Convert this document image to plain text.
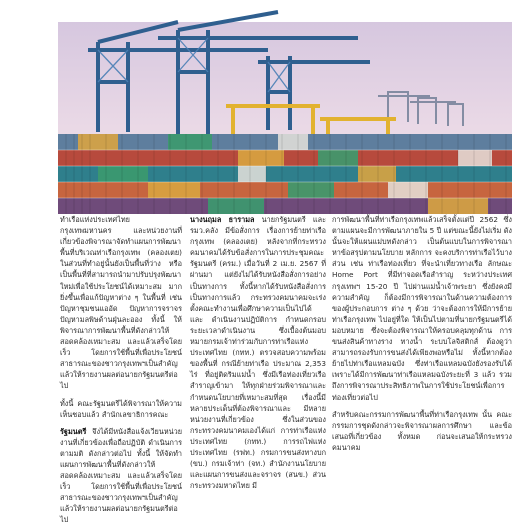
ทำเรือแห่งประเทศไทย กรุงเทพมหานคร และหน่วยงานที่เกี่ยวข้องพิจารณาจัดทำแผนการพัฒนาพื้นที่บริเวณท่าเรือกรุงเทพ (คลองเตย) ในส่วนที่ทำอยู่นั้นยังเป็นพื้นที่ว่าง หรือเป็นพื้นที่ที่สามารถนำมาปรับปรุงพัฒนาใหม่เพื่อใช้ประโยชน์ได้เหมาะสม มากยิ่งขึ้นเพื่อแก้ปัญหาต่าง ๆ ในพื้นที่ เช่น ปัญหาชุมชนแออัด ปัญหาการจราจร ปัญหามลพิษด้านฝุ่นละออง ทั้งนี้ ให้พิจารณาการพัฒนาพื้นที่ดังกล่าวให้สอดคล้องเหมาะสม และแล้วเสร็จโดยเร็ว โดยการใช้พื้นที่เพื่อประโยชน์สาธารณะของชาวกรุงเทพฯเป็นสำคัญ แล้วให้รายงานผลต่อนายกรัฐมนตรีต่อไป

ทั้งนี้ คณะรัฐมนตรีได้พิจารณาให้ความเห็นชอบแล้ว สำนักเลขาธิการคณะ

รัฐมนตรี จึงได้มีหนังสือแจ้งเวียนหน่วยงานที่เกี่ยวข้องเพื่อถือปฏิบัติ ดำเนินการตามมติ ดังกล่าวต่อไป ทั้งนี้ ให้จัดทำแผนการพัฒนาพื้นที่ดังกล่าวให้สอดคล้องเหมาะสม และแล้วเสร็จโดยเร็ว โดยการใช้พื้นที่เพื่อประโยชน์สาธารณะของชาวกรุงเทพฯเป็นสำคัญ แล้วให้รายงานผลต่อนายกรัฐมนตรีต่อไป

นางนฤมล ธารามล นายกรัฐมนตรี และ รมว.คลัง มีข้อสั่งการ เรื่องการย้ายท่าเรือกรุงเทพ (คลองเตย) หลังจากที่กระทรวงคมนาคมได้รับข้อสั่งการในการประชุมคณะรัฐมนตรี (ครม.) เมื่อวันที่ 2 เม.ย. 2567 ที่ผ่านมา แต่ยังไม่ได้รับหนังสือสั่งการอย่างเป็นทางการ ทั้งนี้หากได้รับหนังสือสั่งการเป็นทางการแล้ว กระทรวงคมนาคมจะเร่งตั้งคณะทำงานเพื่อศึกษาความเป็นไปได้ และ ดำเนินงานปฏิบัติการ กำหนดกรอบระยะเวลาดำเนินงาน ซึ่งเบื้องต้นมอบหมายกรมเจ้าท่าร่วมกับการท่าเรือแห่งประเทศไทย (กทท.) ตรวจสอบความพร้อมของพื้นที่ กรณีย้ายท่าเรือ ประมาณ 2,353 ไร่ ที่อยู่ติดริมแม่น้ำ ซึ่งมีเรือท่องเที่ยวเรือสำราญเข้ามา ให้ทุกฝ่ายร่วมพิจารณาและกำหนดนโยบายที่เหมาะสมที่สุด เรื่องนี้มีหลายประเด็นที่ต้องพิจารณาและ มีหลายหน่วยงานที่เกี่ยวข้อง ซึ่งในส่วนของกระทรวงคมนาคมเองได้แก่ การท่าเรือแห่งประเทศไทย (กทท.) การรถไฟแห่งประเทศไทย (รฟท.) กรมการขนส่งทางบก (ขบ.) กรมเจ้าท่า (จท.) สำนักงานนโยบายและแผนการขนส่งและจราจร (สนข.) ส่วนกระทรวงมหาดไทย มี

การพัฒนาพื้นที่ท่าเรือกรุงเทพแล้วเสร็จตั้งแต่ปี 2562 ซึ่งตามแผนจะมีการพัฒนาภายใน 5 ปี แต่ขณะนี้ยังไม่เริ่ม ดังนั้นจะให้แผนแม่บทดังกล่าว เป็นต้นแบบในการพิจารณาหาข้อสรุปตามนโยบาย หลักการ จะคงบริการท่าเรือไว้บางส่วน เช่น ท่าเรือท่องเที่ยว ที่จะนำเที่ยวทางเรือ ลักษณะ Home Port ที่มีท่าจอดเรือสำราญ ระหว่างประเทศ กรุงเทพฯ 15-20 ปี ไปผ่านแม่น้ำเจ้าพระยา ซึ่งยังคงมีความสำคัญ ก็ต้องมีการพิจารณาในด้านความต้องการ ของผู้ประกอบการ ต่าง ๆ ด้วย ว่าจะต้องการให้มีการย้ายท่าเรือกรุงเทพ ไปอยู่ที่ใด ให้เป็นไปตามที่นายกรัฐมนตรีได้มอบหมาย ซึ่งจะต้องพิจารณาให้ครอบคลุมทุกด้าน การขนส่งสินค้าทางราง ทางน้ำ ระบบโลจิสติกส์ ต้องดูว่าสามารถรองรับการขนส่งได้เพียงพอหรือไม่ ทั้งนี้หากต้องย้ายไปท่าเรือแหลมฉบัง ซึ่งท่าเรือแหลมฉบังยังรองรับได้ เพราะได้มีการพัฒนาท่าเรือแหลมฉบังระยะที่ 3 แล้ว รวมถึงการพิจารณาประสิทธิภาพในการใช้ประโยชน์เพื่อการท่องเที่ยวต่อไป

สำหรับคณะกรรมการพัฒนาพื้นที่ท่าเรือกรุงเทพ นั้น คณะกรรมการชุดดังกล่าวจะพิจารณาผลการศึกษา และข้อเสนอที่เกี่ยวข้อง ทั้งหมด ก่อนจะเสนอให้กระทรวงคมนาคม
